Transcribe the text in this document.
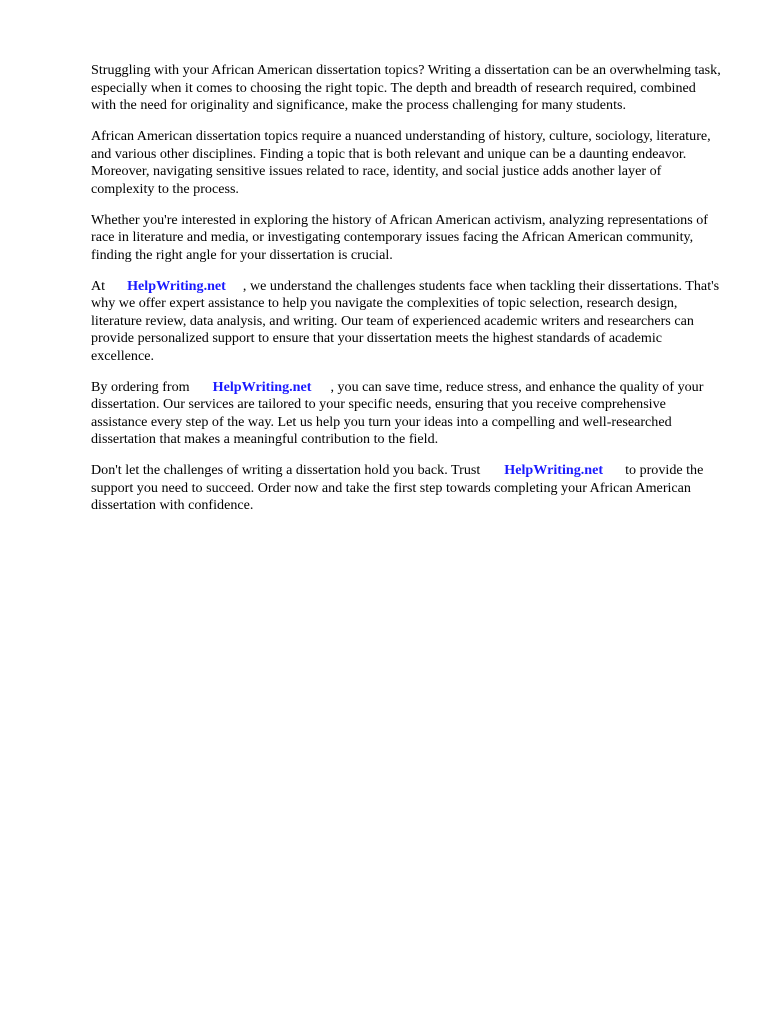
Struggling with your African American dissertation topics? Writing a dissertation can be an overwhelming task, especially when it comes to choosing the right topic. The depth and breadth of research required, combined with the need for originality and significance, make the process challenging for many students.

African American dissertation topics require a nuanced understanding of history, culture, sociology, literature, and various other disciplines. Finding a topic that is both relevant and unique can be a daunting endeavor. Moreover, navigating sensitive issues related to race, identity, and social justice adds another layer of complexity to the process.

Whether you're interested in exploring the history of African American activism, analyzing representations of race in literature and media, or investigating contemporary issues facing the African American community, finding the right angle for your dissertation is crucial.

At HelpWriting.net , we understand the challenges students face when tackling their dissertations. That's why we offer expert assistance to help you navigate the complexities of topic selection, research design, literature review, data analysis, and writing. Our team of experienced academic writers and researchers can provide personalized support to ensure that your dissertation meets the highest standards of academic excellence.

By ordering from HelpWriting.net , you can save time, reduce stress, and enhance the quality of your dissertation. Our services are tailored to your specific needs, ensuring that you receive comprehensive assistance every step of the way. Let us help you turn your ideas into a compelling and well-researched dissertation that makes a meaningful contribution to the field.

Don't let the challenges of writing a dissertation hold you back. Trust HelpWriting.net to provide the support you need to succeed. Order now and take the first step towards completing your African American dissertation with confidence.
